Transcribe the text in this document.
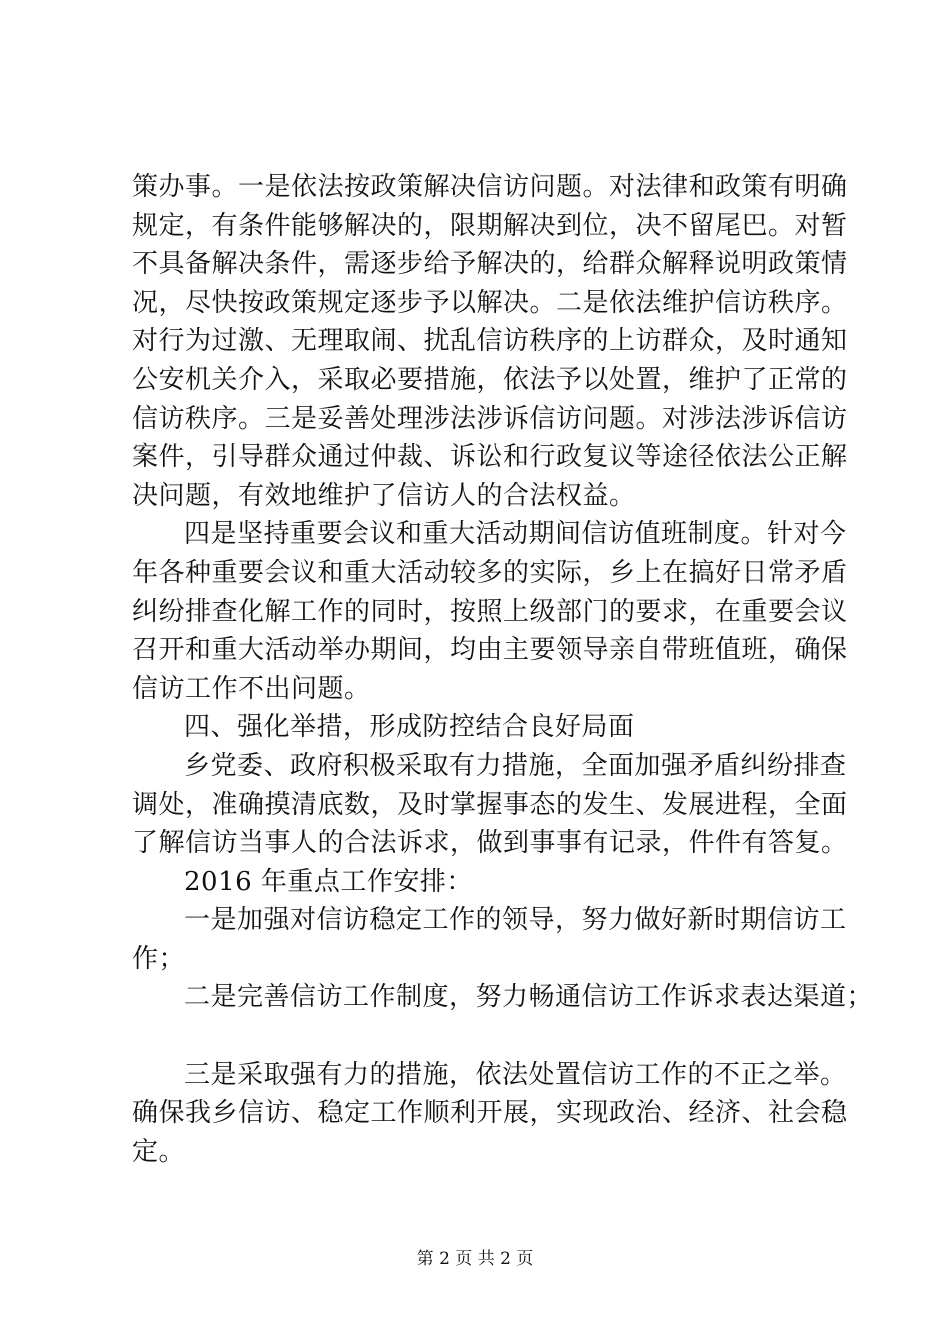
策办事。一是依法按政策解决信访问题。对法律和政策有明确
规定，有条件能够解决的，限期解决到位，决不留尾巴。对暂
不具备解决条件，需逐步给予解决的，给群众解释说明政策情
况，尽快按政策规定逐步予以解决。二是依法维护信访秩序。
对行为过激、无理取闹、扰乱信访秩序的上访群众，及时通知
公安机关介入，采取必要措施，依法予以处置，维护了正常的
信访秩序。三是妥善处理涉法涉诉信访问题。对涉法涉诉信访
案件，引导群众通过仲裁、诉讼和行政复议等途径依法公正解
决问题，有效地维护了信访人的合法权益。
四是坚持重要会议和重大活动期间信访值班制度。针对今
年各种重要会议和重大活动较多的实际，乡上在搞好日常矛盾
纠纷排查化解工作的同时，按照上级部门的要求，在重要会议
召开和重大活动举办期间，均由主要领导亲自带班值班，确保
信访工作不出问题。
四、强化举措，形成防控结合良好局面
乡党委、政府积极采取有力措施，全面加强矛盾纠纷排查
调处，准确摸清底数，及时掌握事态的发生、发展进程，全面
了解信访当事人的合法诉求，做到事事有记录，件件有答复。
2016 年重点工作安排：
一是加强对信访稳定工作的领导，努力做好新时期信访工
作；
二是完善信访工作制度，努力畅通信访工作诉求表达渠道；
三是采取强有力的措施，依法处置信访工作的不正之举。
确保我乡信访、稳定工作顺利开展，实现政治、经济、社会稳
定。
第 2 页 共 2 页
